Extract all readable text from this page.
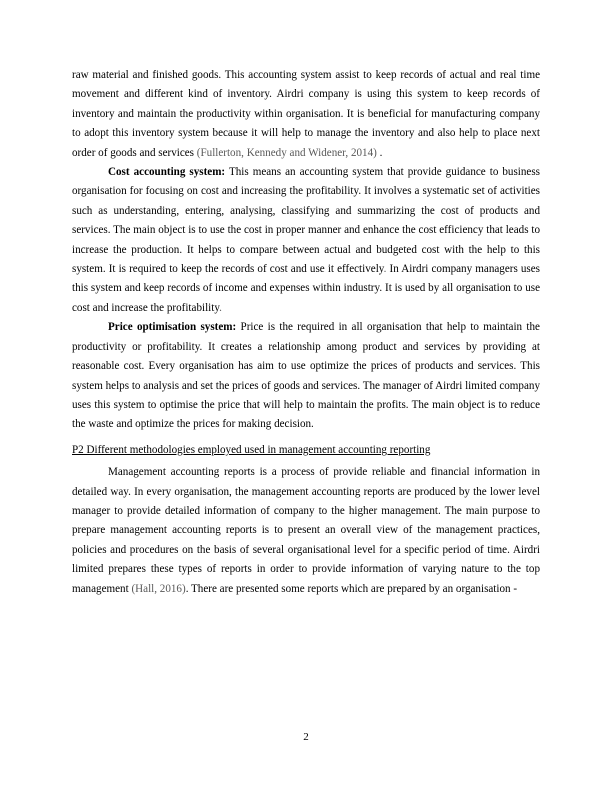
raw material and finished goods. This accounting system assist to keep records of actual and real time movement and different kind of inventory. Airdri company is using this system to keep records of inventory and maintain the productivity within organisation. It is beneficial for manufacturing company to adopt this inventory system because it will help to manage the inventory and also help to place next order of goods and services (Fullerton, Kennedy and Widener, 2014) .

Cost accounting system: This means an accounting system that provide guidance to business organisation for focusing on cost and increasing the profitability. It involves a systematic set of activities such as understanding, entering, analysing, classifying and summarizing the cost of products and services. The main object is to use the cost in proper manner and enhance the cost efficiency that leads to increase the production. It helps to compare between actual and budgeted cost with the help to this system. It is required to keep the records of cost and use it effectively. In Airdri company managers uses this system and keep records of income and expenses within industry. It is used by all organisation to use cost and increase the profitability.

Price optimisation system: Price is the required in all organisation that help to maintain the productivity or profitability. It creates a relationship among product and services by providing at reasonable cost. Every organisation has aim to use optimize the prices of products and services. This system helps to analysis and set the prices of goods and services. The manager of Airdri limited company uses this system to optimise the price that will help to maintain the profits. The main object is to reduce the waste and optimize the prices for making decision.

P2 Different methodologies employed used in management accounting reporting

Management accounting reports is a process of provide reliable and financial information in detailed way. In every organisation, the management accounting reports are produced by the lower level manager to provide detailed information of company to the higher management. The main purpose to prepare management accounting reports is to present an overall view of the management practices, policies and procedures on the basis of several organisational level for a specific period of time. Airdri limited prepares these types of reports in order to provide information of varying nature to the top management (Hall, 2016). There are presented some reports which are prepared by an organisation -

2
